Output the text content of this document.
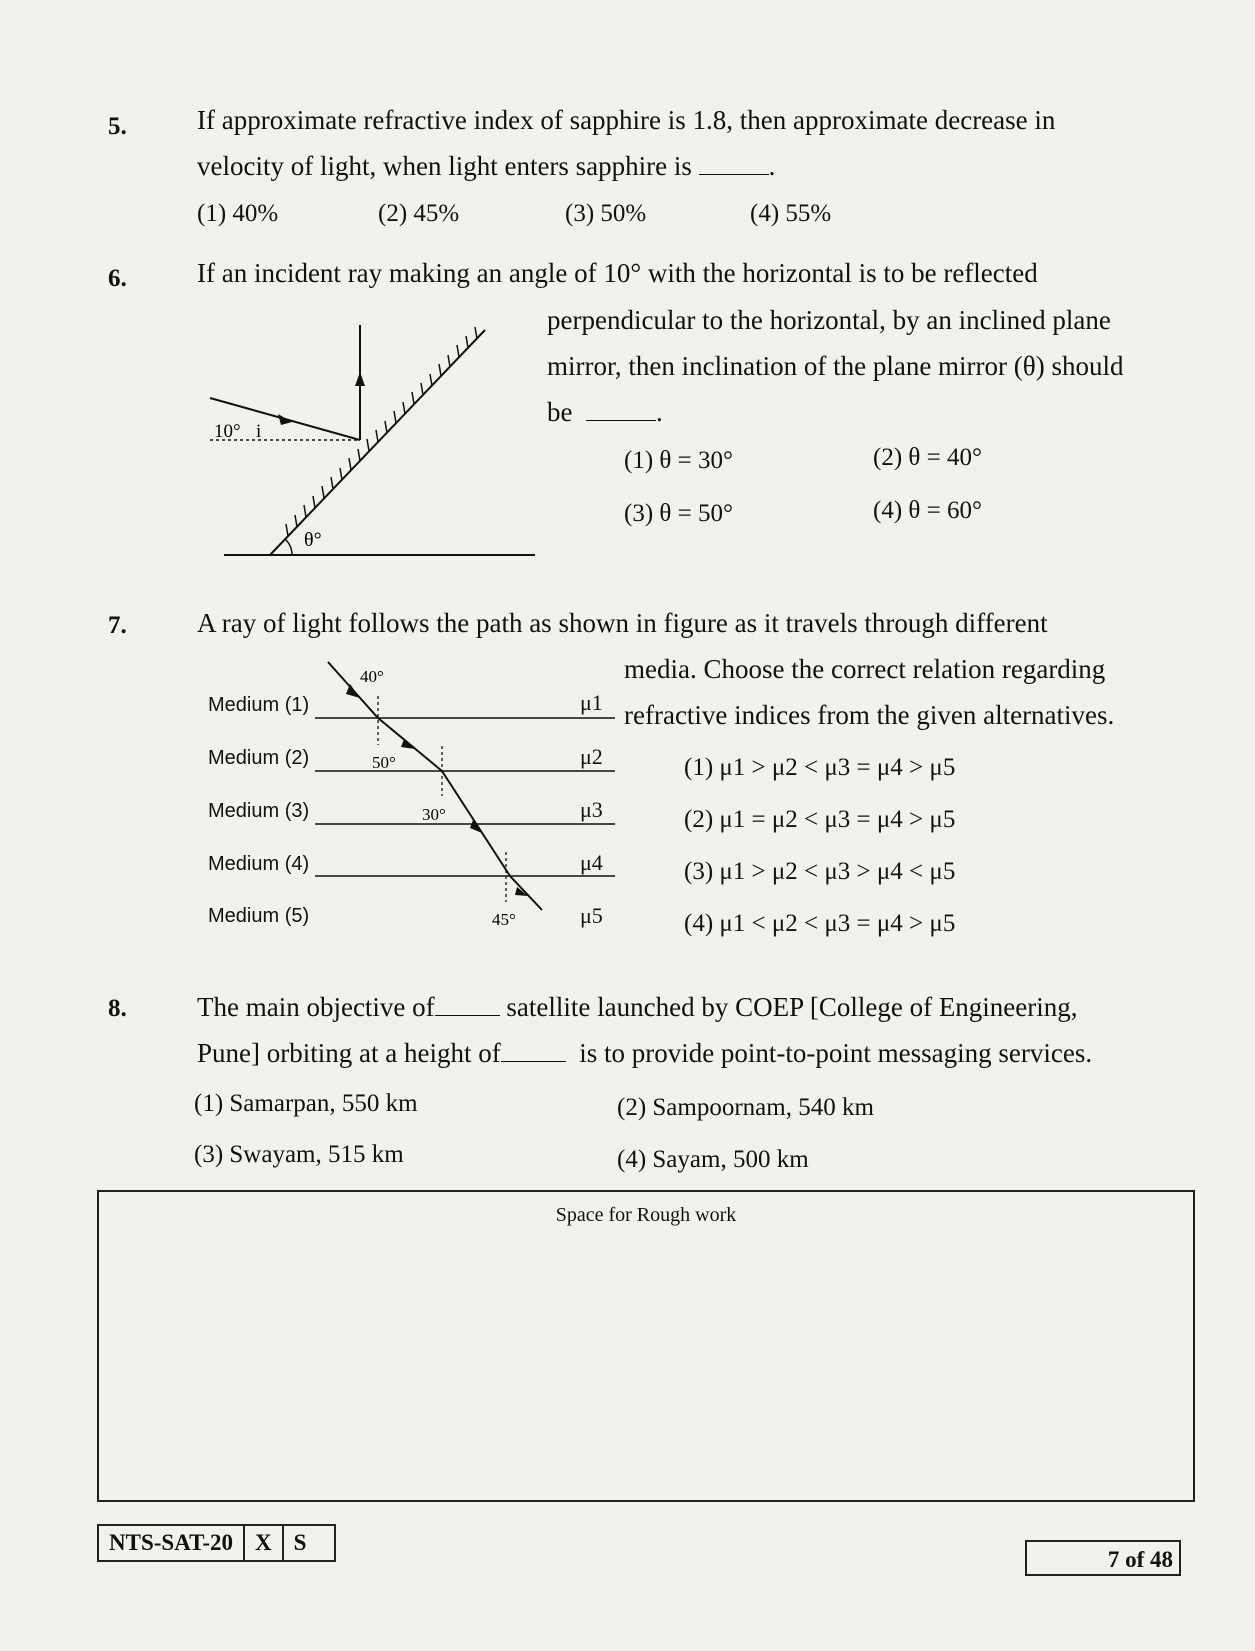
5.	If approximate refractive index of sapphire is 1.8, then approximate decrease in
velocity of light, when light enters sapphire is	.
(1) 40%	(2) 45%	(3) 50%	(4) 55%
6.	If an incident ray making an angle of 10° with the horizontal is to be reflected
perpendicular to the horizontal, by an inclined plane
mirror, then inclination of the plane mirror (θ) should
be	.
10° i
θ°
(1) θ = 30°	(2) θ = 40°
(3) θ = 50°	(4) θ = 60°
7.	A ray of light follows the path as shown in figure as it travels through different
media. Choose the correct relation regarding
refractive indices from the given alternatives.
40°
50°
30°
45°
Medium (1)
Medium (2)
Medium (3)
Medium (4)
Medium (5)
μ1
μ2
μ3
μ4
μ5
(1) μ1 > μ2 < μ3 = μ4 > μ5
(2) μ1 = μ2 < μ3 = μ4 > μ5
(3) μ1 > μ2 < μ3 > μ4 < μ5
(4) μ1 < μ2 < μ3 = μ4 > μ5
8.	The main objective of	satellite launched by COEP [College of Engineering,
Pune] orbiting at a height of	is to provide point-to-point messaging services.
(1) Samarpan, 550 km	(2) Sampoornam, 540 km
(3) Swayam, 515 km	(4) Sayam, 500 km
Space for Rough work
NTS-SAT-20 X S
7 of 48
